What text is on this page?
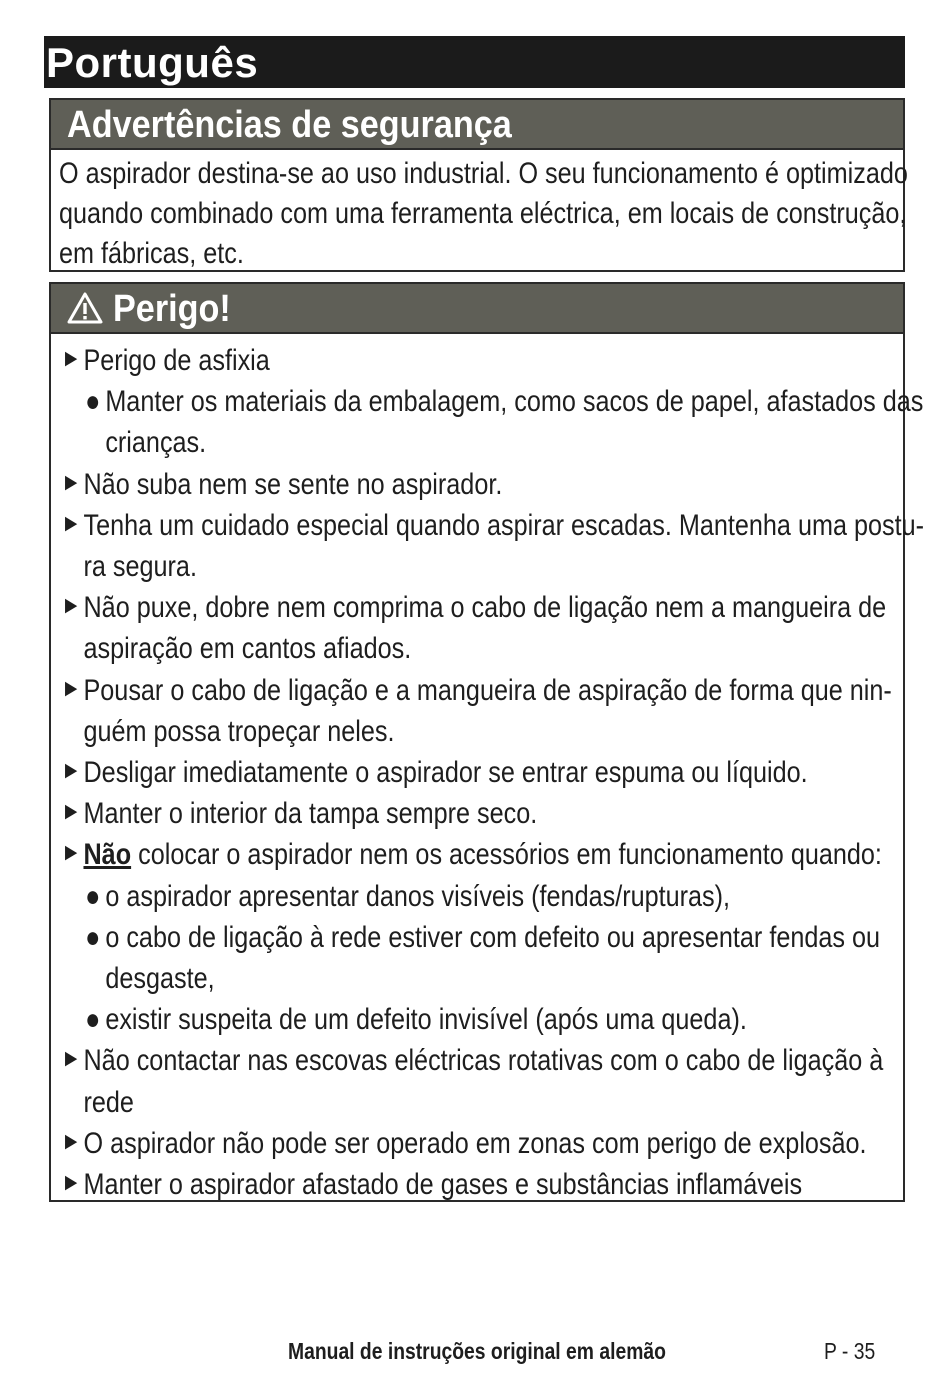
Português
Advertências de segurança
O aspirador destina-se ao uso industrial. O seu funcionamento é optimizado
quando combinado com uma ferramenta eléctrica, em locais de construção,
em fábricas, etc.
Perigo!
▶ Perigo de asfixia
● Manter os materiais da embalagem, como sacos de papel, afastados das
crianças.
▶ Não suba nem se sente no aspirador.
▶ Tenha um cuidado especial quando aspirar escadas. Mantenha uma postu-
ra segura.
▶ Não puxe, dobre nem comprima o cabo de ligação nem a mangueira de
aspiração em cantos afiados.
▶ Pousar o cabo de ligação e a mangueira de aspiração de forma que nin-
guém possa tropeçar neles.
▶ Desligar imediatamente o aspirador se entrar espuma ou líquido.
▶ Manter o interior da tampa sempre seco.
▶ Não colocar o aspirador nem os acessórios em funcionamento quando:
● o aspirador apresentar danos visíveis (fendas/rupturas),
● o cabo de ligação à rede estiver com defeito ou apresentar fendas ou
desgaste,
● existir suspeita de um defeito invisível (após uma queda).
▶ Não contactar nas escovas eléctricas rotativas com o cabo de ligação à
rede
▶ O aspirador não pode ser operado em zonas com perigo de explosão.
▶ Manter o aspirador afastado de gases e substâncias inflamáveis
Manual de instruções original em alemão	P - 35
